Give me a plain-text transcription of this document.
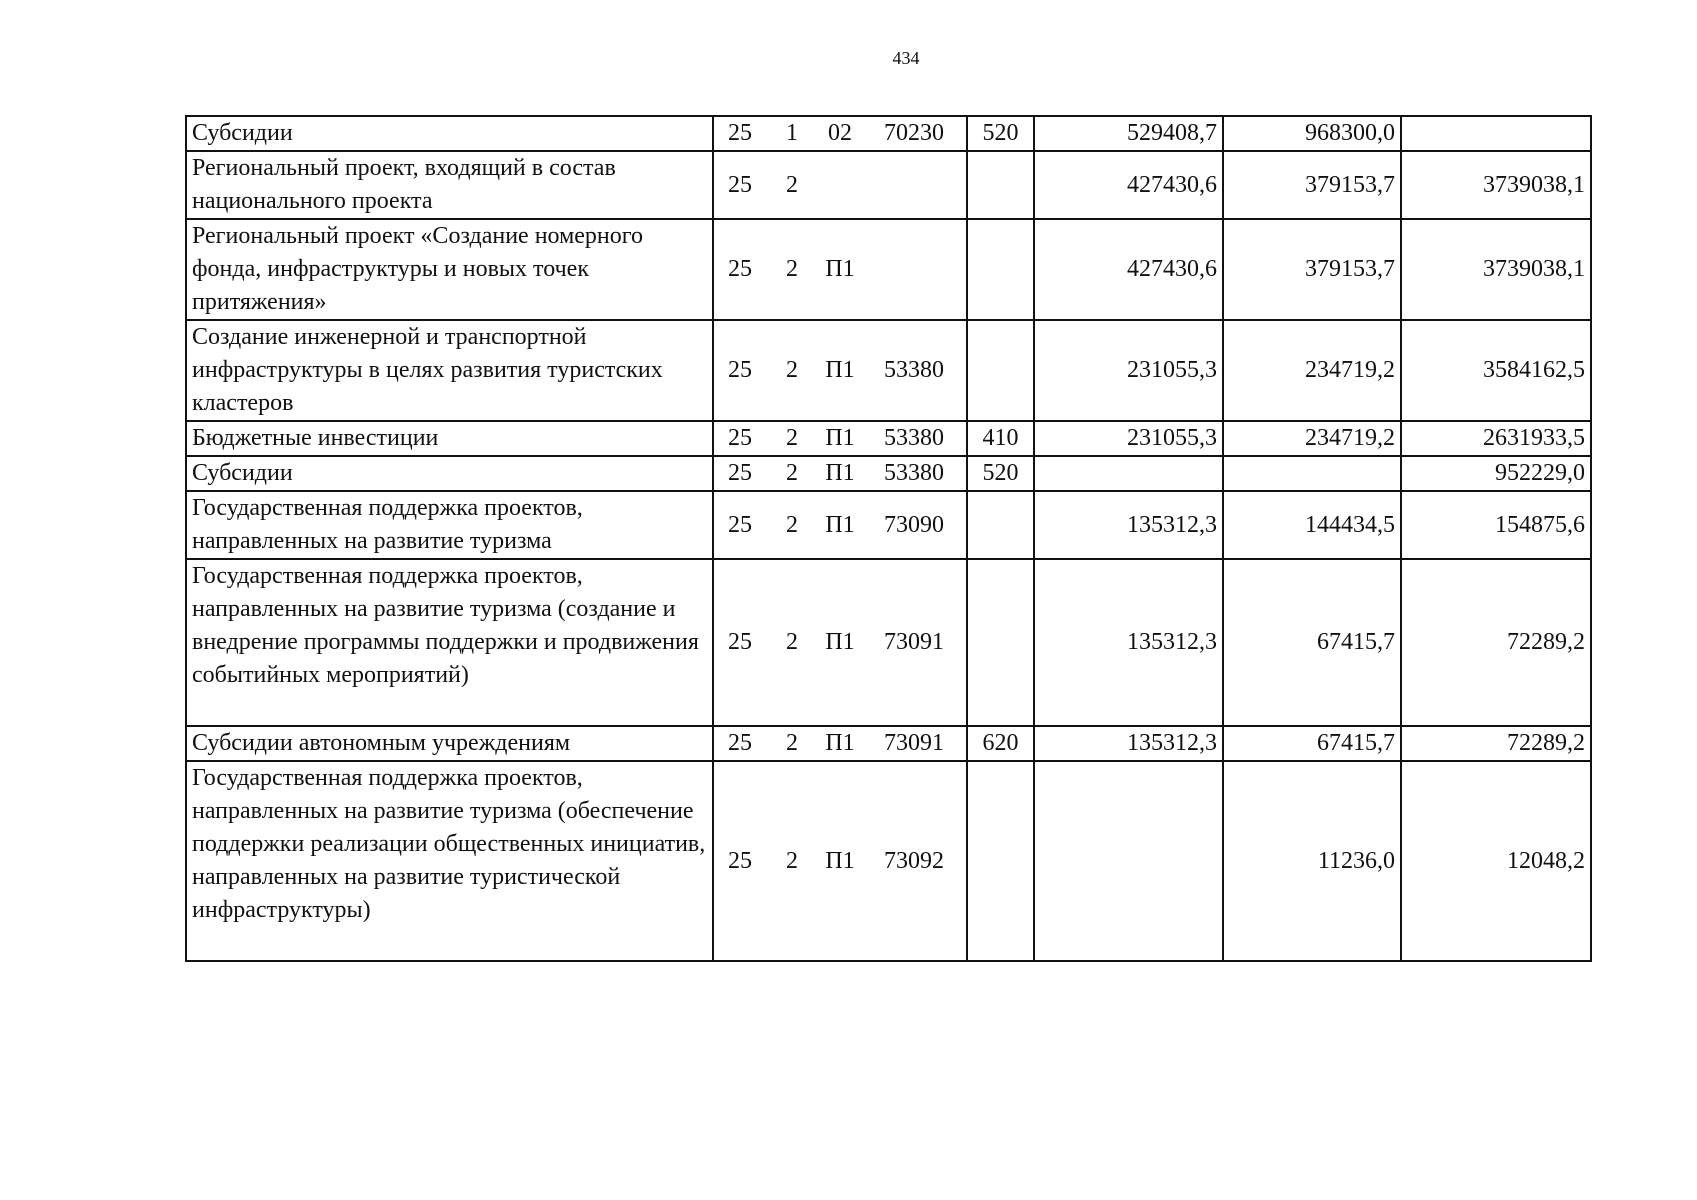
434
Субсидии	25 1 02 70230	520	529408,7	968300,0	
Региональный проект, входящий в состав национального проекта	25 2		427430,6	379153,7	3739038,1
Региональный проект «Создание номерного фонда, инфраструктуры и новых точек притяжения»	25 2 П1		427430,6	379153,7	3739038,1
Создание инженерной и транспортной инфраструктуры в целях развития туристских кластеров	25 2 П1 53380		231055,3	234719,2	3584162,5
Бюджетные инвестиции	25 2 П1 53380	410	231055,3	234719,2	2631933,5
Субсидии	25 2 П1 53380	520			952229,0
Государственная поддержка проектов, направленных на развитие туризма	25 2 П1 73090		135312,3	144434,5	154875,6
Государственная поддержка проектов, направленных на развитие туризма (создание и внедрение программы поддержки и продвижения событийных мероприятий)	25 2 П1 73091		135312,3	67415,7	72289,2
Субсидии автономным учреждениям	25 2 П1 73091	620	135312,3	67415,7	72289,2
Государственная поддержка проектов, направленных на развитие туризма (обеспечение поддержки реализации общественных инициатив, направленных на развитие туристической инфраструктуры)	25 2 П1 73092			11236,0	12048,2
